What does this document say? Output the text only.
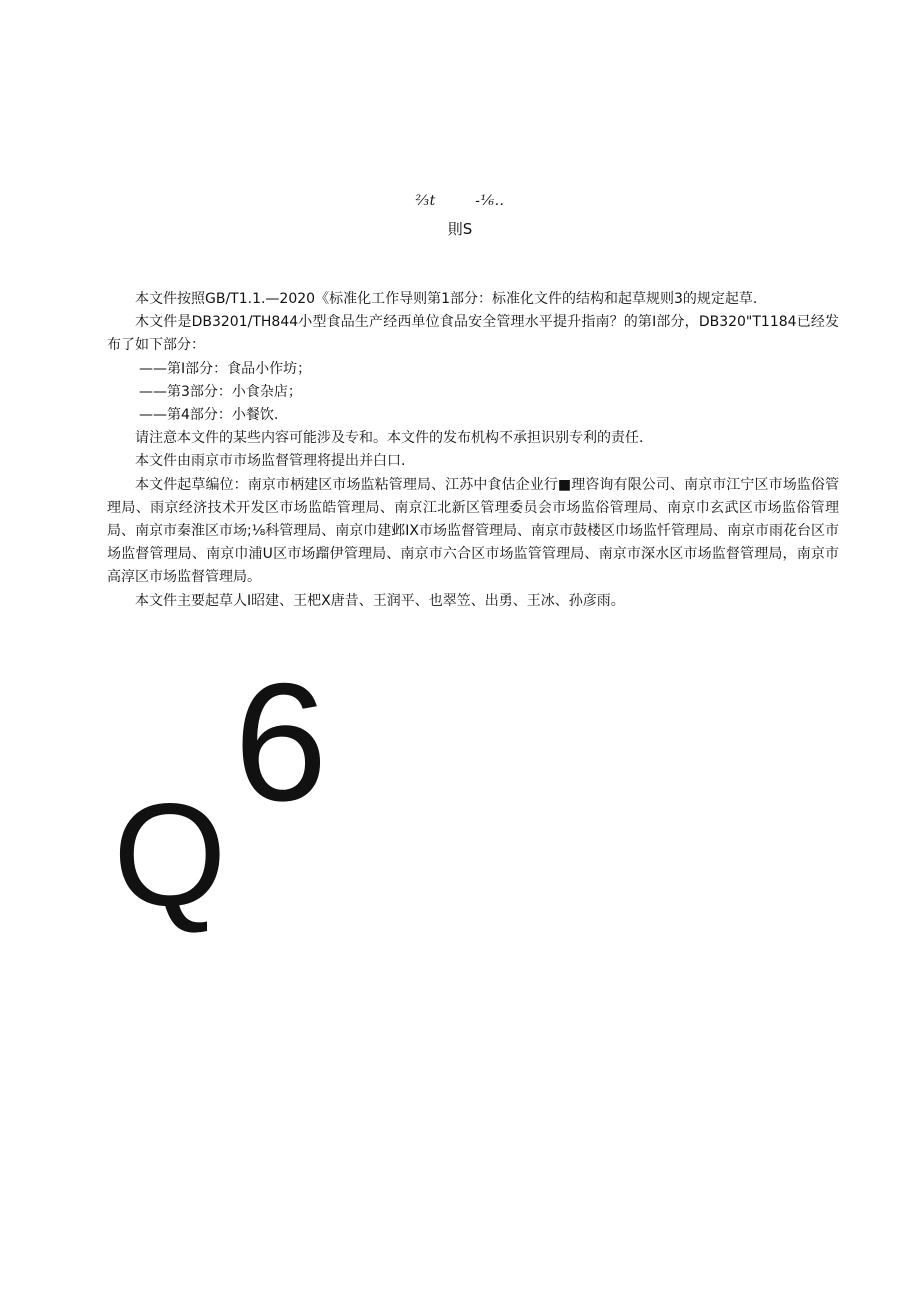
⅔t        -⅙..
則S

本文件按照GB/T1.1.—2020《标准化工作导则第1部分：标准化文件的结构和起草规则3的规定起草.

木文件是DB3201/TH844小型食品生产经西单位食品安全管理水平提升指南？的第I部分，DB320"T1184已经发布了如下部分：

——第I部分：食品小作坊；

——第3部分：小食杂店；

——第4部分：小餐饮.

请注意本文件的某些内容可能涉及专和。本文件的发布机构不承担识别专利的责任.

本文件由雨京市市场监督管理将提出并白口.

本文件起草编位：南京市柄建区市场监粘管理局、江苏中食估企业行■理咨询有限公司、南京市江宁区市场监俗管理局、雨京经济技术开发区市场监皓管理局、南京江北新区管理委员会市场监俗管理局、南京巾玄武区市场监俗管理局、南京市秦淮区市场;⅛科管理局、南京巾建邺ІX市场监督管理局、南京市鼓楼区巾场监忏管理局、南京市雨花台区市场监督管理局、南京巾浦U区市场蹓伊管理局、南京市六合区市场监管管理局、南京市深水区市场监督管理局，南京市高淳区市场监督管理局。

本文件主要起草人І昭建、王杷X唐昔、王润平、也翠笠、出勇、王冰、孙彦雨。

6
Q
